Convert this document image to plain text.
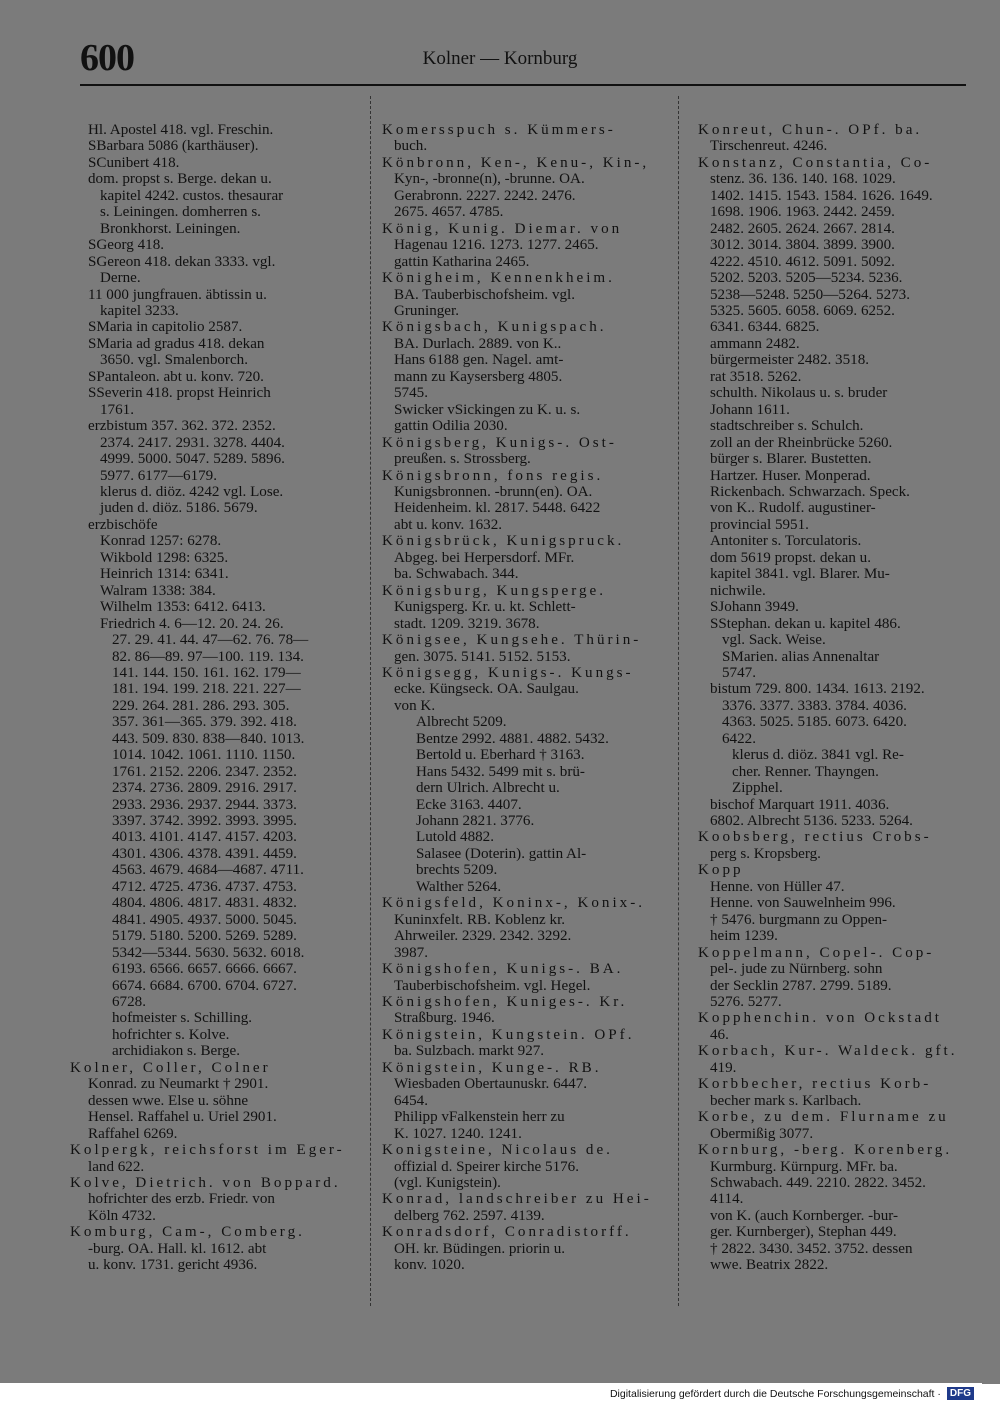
600	Kolner — Kornburg
Hl. Apostel 418. vgl. Freschin.
SBarbara 5086 (karthäuser).
SCunibert 418.
dom. propst s. Berge. dekan u.
kapitel 4242. custos. thesaurar
s. Leiningen. domherren s.
Bronkhorst. Leiningen.
SGeorg 418.
SGereon 418. dekan 3333. vgl.
Derne.
11 000 jungfrauen. äbtissin u.
kapitel 3233.
SMaria in capitolio 2587.
SMaria ad gradus 418. dekan
3650. vgl. Smalenborch.
SPantaleon. abt u. konv. 720.
SSeverin 418. propst Heinrich
1761.
erzbistum 357. 362. 372. 2352.
2374. 2417. 2931. 3278. 4404.
4999. 5000. 5047. 5289. 5896.
5977. 6177—6179.
klerus d. diöz. 4242 vgl. Lose.
juden d. diöz. 5186. 5679.
erzbischöfe
Konrad 1257: 6278.
Wikbold 1298: 6325.
Heinrich 1314: 6341.
Walram 1338: 384.
Wilhelm 1353: 6412. 6413.
Friedrich 4. 6—12. 20. 24. 26.
27. 29. 41. 44. 47—62. 76. 78—
82. 86—89. 97—100. 119. 134.
141. 144. 150. 161. 162. 179—
181. 194. 199. 218. 221. 227—
229. 264. 281. 286. 293. 305.
357. 361—365. 379. 392. 418.
443. 509. 830. 838—840. 1013.
1014. 1042. 1061. 1110. 1150.
1761. 2152. 2206. 2347. 2352.
2374. 2736. 2809. 2916. 2917.
2933. 2936. 2937. 2944. 3373.
3397. 3742. 3992. 3993. 3995.
4013. 4101. 4147. 4157. 4203.
4301. 4306. 4378. 4391. 4459.
4563. 4679. 4684—4687. 4711.
4712. 4725. 4736. 4737. 4753.
4804. 4806. 4817. 4831. 4832.
4841. 4905. 4937. 5000. 5045.
5179. 5180. 5200. 5269. 5289.
5342—5344. 5630. 5632. 6018.
6193. 6566. 6657. 6666. 6667.
6674. 6684. 6700. 6704. 6727.
6728.
hofmeister s. Schilling.
hofrichter s. Kolve.
archidiakon s. Berge.
Kolner, Coller, Colner
Konrad. zu Neumarkt † 2901.
dessen wwe. Else u. söhne
Hensel. Raffahel u. Uriel 2901.
Raffahel 6269.
Kolpergk, reichsforst im Eger-
land 622.
Kolve, Dietrich. von Boppard.
hofrichter des erzb. Friedr. von
Köln 4732.
Komburg, Cam-, Comberg.
-burg. OA. Hall. kl. 1612. abt
u. konv. 1731. gericht 4936.
Komersspuch s. Kümmers-
buch.
Könbronn, Ken-, Kenu-, Kin-,
Kyn-, -bronne(n), -brunne. OA.
Gerabronn. 2227. 2242. 2476.
2675. 4657. 4785.
König, Kunig. Diemar. von
Hagenau 1216. 1273. 1277. 2465.
gattin Katharina 2465.
Königheim, Kennenkheim.
BA. Tauberbischofsheim. vgl.
Gruninger.
Königsbach, Kunigspach.
BA. Durlach. 2889. von K..
Hans 6188 gen. Nagel. amt-
mann zu Kaysersberg 4805.
5745.
Swicker vSickingen zu K. u. s.
gattin Odilia 2030.
Königsberg, Kunigs-. Ost-
preußen. s. Strossberg.
Königsbronn, fons regis.
Kunigsbronnen. -brunn(en). OA.
Heidenheim. kl. 2817. 5448. 6422
abt u. konv. 1632.
Königsbrück, Kunigspruck.
Abgeg. bei Herpersdorf. MFr.
ba. Schwabach. 344.
Königsburg, Kungsperge.
Kunigsperg. Kr. u. kt. Schlett-
stadt. 1209. 3219. 3678.
Königsee, Kungsehe. Thürin-
gen. 3075. 5141. 5152. 5153.
Königsegg, Kunigs-. Kungs-
ecke. Küngseck. OA. Saulgau.
von K.
Albrecht 5209.
Bentze 2992. 4881. 4882. 5432.
Bertold u. Eberhard † 3163.
Hans 5432. 5499 mit s. brü-
dern Ulrich. Albrecht u.
Ecke 3163. 4407.
Johann 2821. 3776.
Lutold 4882.
Salasee (Doterin). gattin Al-
brechts 5209.
Walther 5264.
Königsfeld, Koninx-, Konix-.
Kuninxfelt. RB. Koblenz kr.
Ahrweiler. 2329. 2342. 3292.
3987.
Königshofen, Kunigs-. BA.
Tauberbischofsheim. vgl. Hegel.
Königshofen, Kuniges-. Kr.
Straßburg. 1946.
Königstein, Kungstein. OPf.
ba. Sulzbach. markt 927.
Königstein, Kunge-. RB.
Wiesbaden Obertaunuskr. 6447.
6454.
Philipp vFalkenstein herr zu
K. 1027. 1240. 1241.
Konigsteine, Nicolaus de.
offizial d. Speirer kirche 5176.
(vgl. Kunigstein).
Konrad, landschreiber zu Hei-
delberg 762. 2597. 4139.
Konradsdorf, Conradistorff.
OH. kr. Büdingen. priorin u.
konv. 1020.
Konreut, Chun-. OPf. ba.
Tirschenreut. 4246.
Konstanz, Constantia, Co-
stenz. 36. 136. 140. 168. 1029.
1402. 1415. 1543. 1584. 1626. 1649.
1698. 1906. 1963. 2442. 2459.
2482. 2605. 2624. 2667. 2814.
3012. 3014. 3804. 3899. 3900.
4222. 4510. 4612. 5091. 5092.
5202. 5203. 5205—5234. 5236.
5238—5248. 5250—5264. 5273.
5325. 5605. 6058. 6069. 6252.
6341. 6344. 6825.
ammann 2482.
bürgermeister 2482. 3518.
rat 3518. 5262.
schulth. Nikolaus u. s. bruder
Johann 1611.
stadtschreiber s. Schulch.
zoll an der Rheinbrücke 5260.
bürger s. Blarer. Bustetten.
Hartzer. Huser. Monperad.
Rickenbach. Schwarzach. Speck.
von K.. Rudolf. augustiner-
provincial 5951.
Antoniter s. Torculatoris.
dom 5619 propst. dekan u.
kapitel 3841. vgl. Blarer. Mu-
nichwile.
SJohann 3949.
SStephan. dekan u. kapitel 486.
vgl. Sack. Weise.
SMarien. alias Annenaltar
5747.
bistum 729. 800. 1434. 1613. 2192.
3376. 3377. 3383. 3784. 4036.
4363. 5025. 5185. 6073. 6420.
6422.
klerus d. diöz. 3841 vgl. Re-
cher. Renner. Thayngen.
Zipphel.
bischof Marquart 1911. 4036.
6802. Albrecht 5136. 5233. 5264.
Koobsberg, rectius Crobs-
perg s. Kropsberg.
Kopp
Henne. von Hüller 47.
Henne. von Sauwelnheim 996.
† 5476. burgmann zu Oppen-
heim 1239.
Koppelmann, Copel-. Cop-
pel-. jude zu Nürnberg. sohn
der Secklin 2787. 2799. 5189.
5276. 5277.
Kopphenchin. von Ockstadt
46.
Korbach, Kur-. Waldeck. gft.
419.
Korbbecher, rectius Korb-
becher mark s. Karlbach.
Korbe, zu dem. Flurname zu
Obermißig 3077.
Kornburg, -berg. Korenberg.
Kurmburg. Kürnpurg. MFr. ba.
Schwabach. 449. 2210. 2822. 3452.
4114.
von K. (auch Kornberger. -bur-
ger. Kurnberger), Stephan 449.
† 2822. 3430. 3452. 3752. dessen
wwe. Beatrix 2822.
Digitalisierung gefördert durch die Deutsche Forschungsgemeinschaft · DFG
